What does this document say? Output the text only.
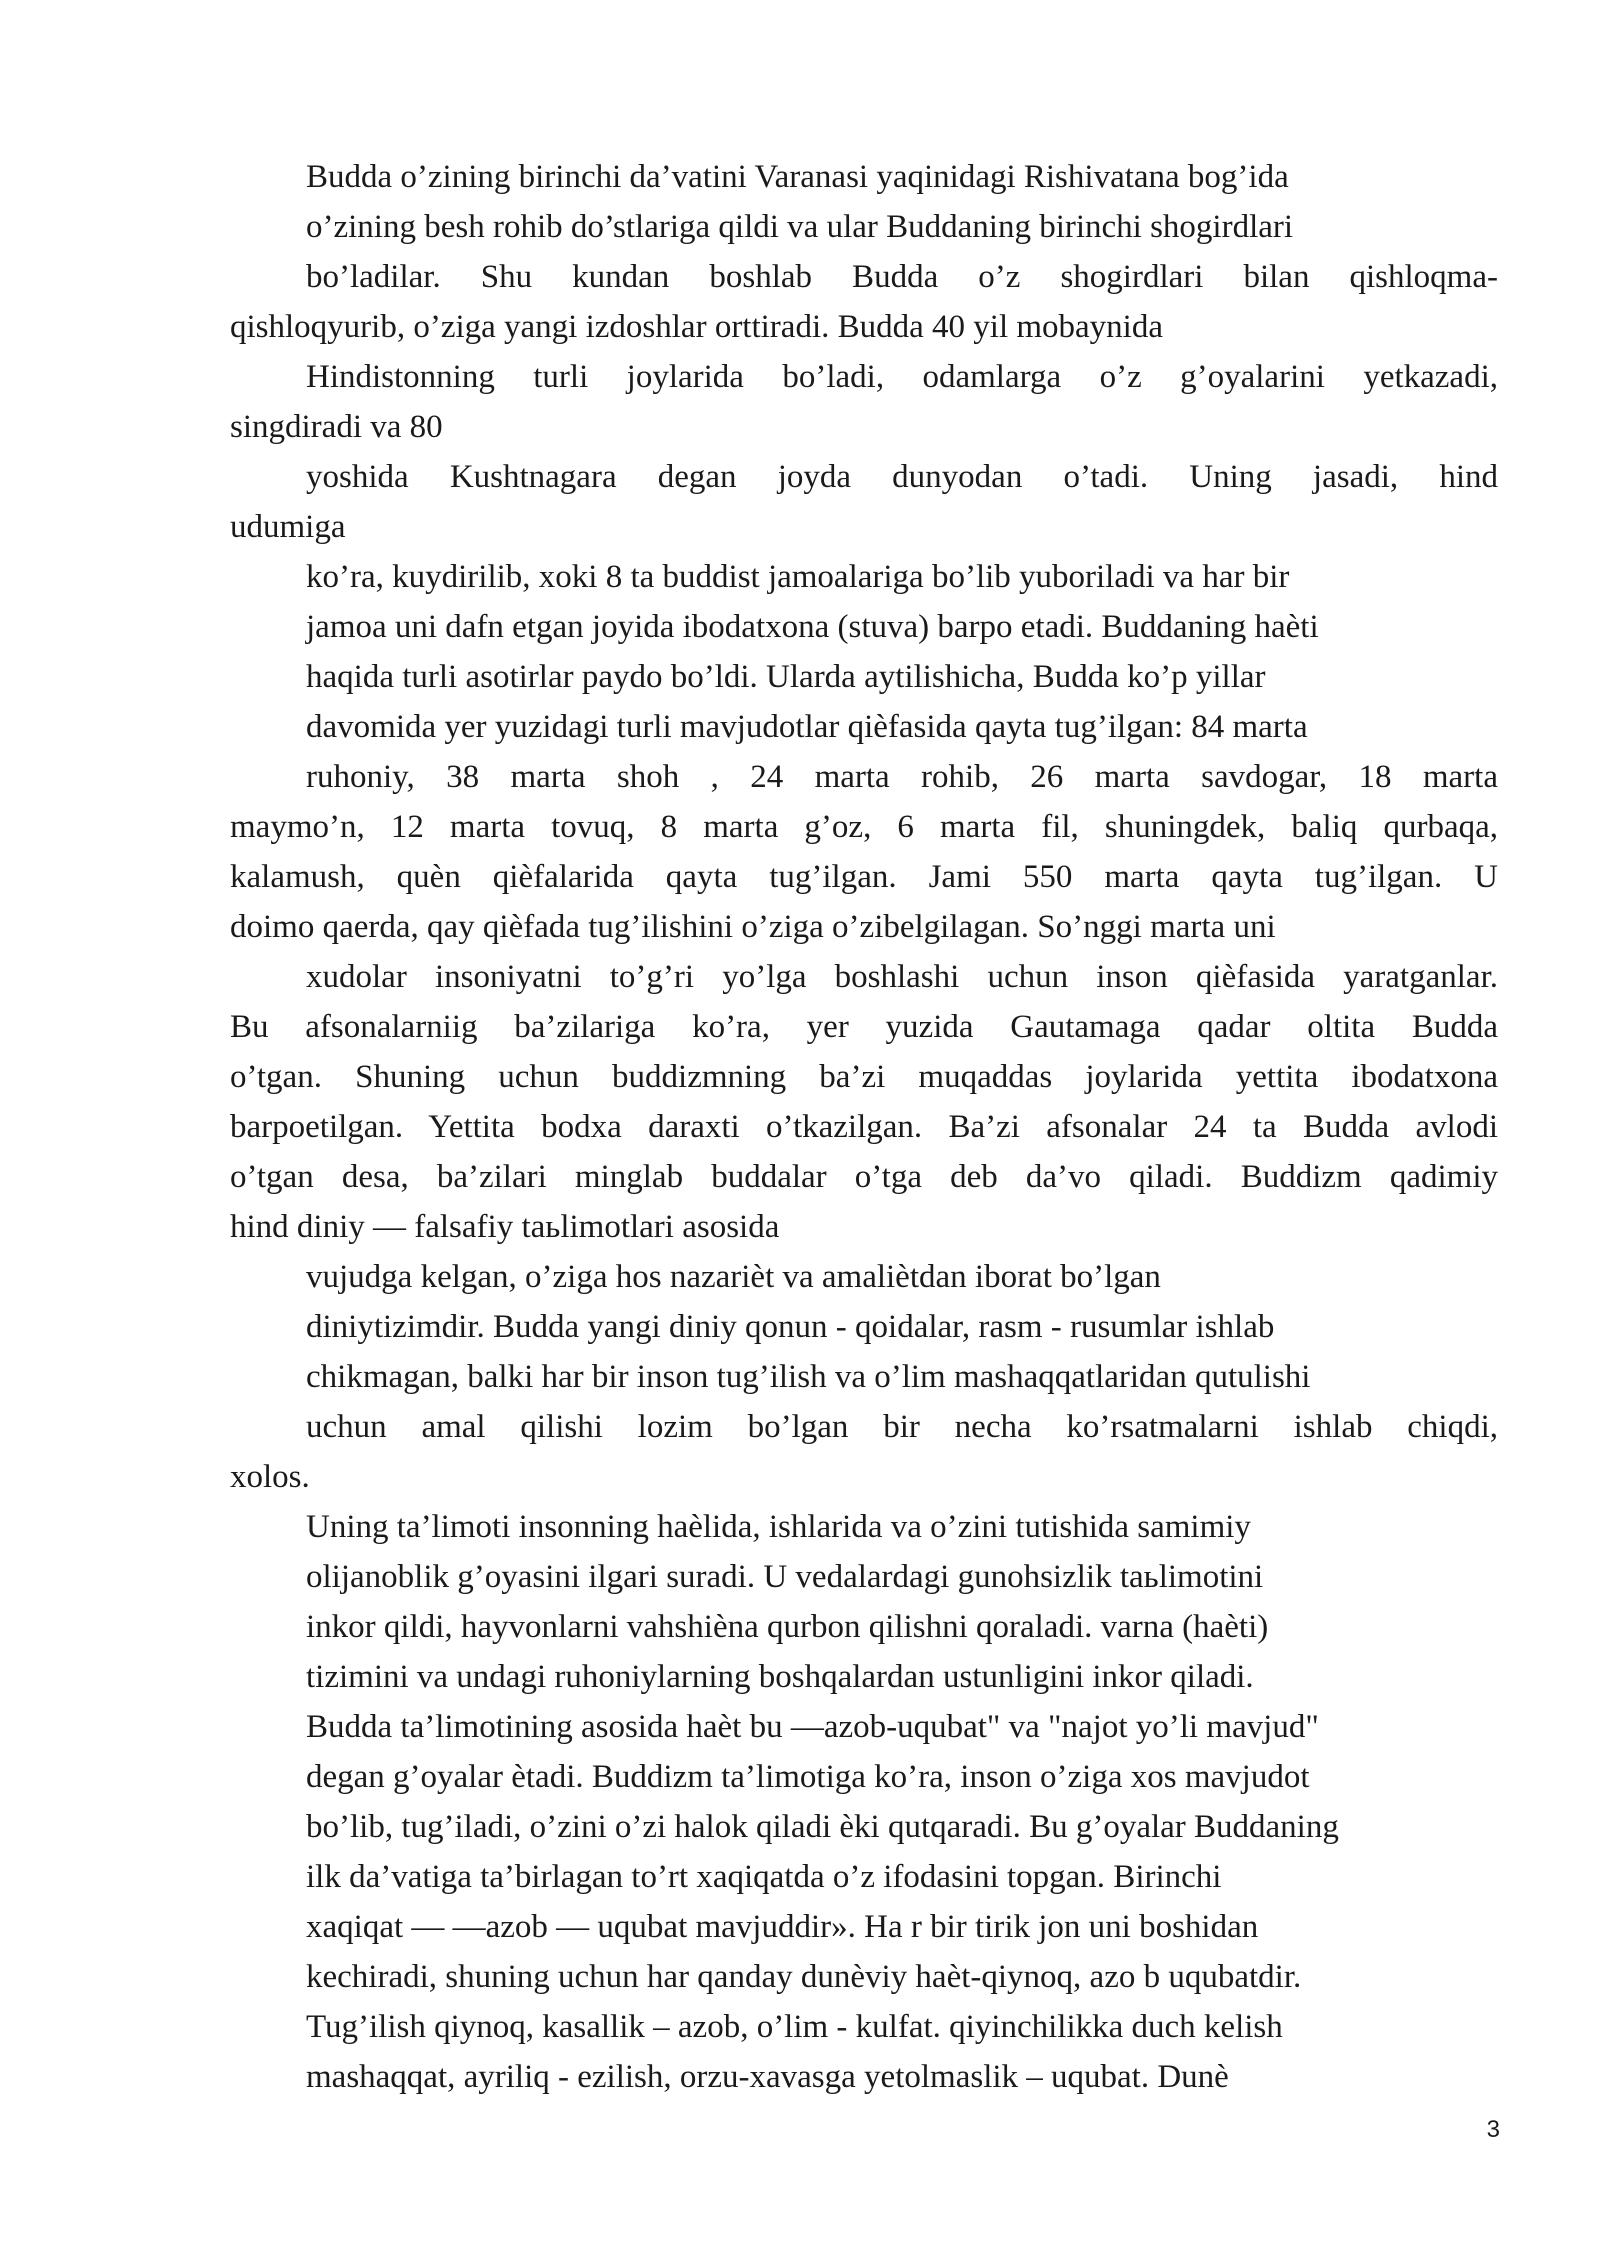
Budda o’zining birinchi da’vatini Varanasi yaqinidagi Rishivatana bog’ida
o’zining besh rohib do’stlariga qildi va ular Buddaning birinchi shogirdlari
bo’ladilar. Shu kundan boshlab Budda o’z shogirdlari bilan qishloqma-
qishloqyurib, o’ziga yangi izdoshlar orttiradi. Budda 40 yil mobaynida
Hindistonning turli joylarida bo’ladi, odamlarga o’z g’oyalarini yetkazadi,
singdiradi va 80
yoshida Kushtnagara degan joyda dunyodan o’tadi. Uning jasadi, hind
udumiga
ko’ra, kuydirilib, xoki 8 ta buddist jamoalariga bo’lib yuboriladi va har bir
jamoa uni dafn etgan joyida ibodatxona (stuva) barpo etadi. Buddaning haèti
haqida turli asotirlar paydo bo’ldi. Ularda aytilishicha, Budda ko’p yillar
davomida yer yuzidagi turli mavjudotlar qièfasida qayta tug’ilgan: 84 marta
ruhoniy, 38 marta shoh , 24 marta rohib, 26 marta savdogar, 18 marta
maymo’n, 12 marta tovuq, 8 marta g’oz, 6 marta fil, shuningdek, baliq qurbaqa,
kalamush, quèn qièfalarida qayta tug’ilgan. Jami 550 marta qayta tug’ilgan. U
doimo qaerda, qay qièfada tug’ilishini o’ziga o’zibelgilagan. So’nggi marta uni
xudolar insoniyatni to’g’ri yo’lga boshlashi uchun inson qièfasida yaratganlar.
Bu afsonalarniig ba’zilariga ko’ra, yer yuzida Gautamaga qadar oltita Budda
o’tgan. Shuning uchun buddizmning ba’zi muqaddas joylarida yettita ibodatxona
barpoetilgan. Yettita bodxa daraxti o’tkazilgan. Ba’zi afsonalar 24 ta Budda avlodi
o’tgan desa, ba’zilari minglab buddalar o’tga deb da’vo qiladi. Buddizm qadimiy
hind diniy — falsafiy taьlimotlari asosida
vujudga kelgan, o’ziga hos nazariѐt va amaliѐtdan iborat bo’lgan
diniytizimdir. Budda yangi diniy qonun - qoidalar, rasm - rusumlar ishlab
chikmagan, balki har bir inson tug’ilish va o’lim mashaqqatlaridan qutulishi
uchun amal qilishi lozim bo’lgan bir necha ko’rsatmalarni ishlab chiqdi,
xolos.
Uning ta’limoti insonning haèlida, ishlarida va o’zini tutishida samimiy
olijanoblik g’oyasini ilgari suradi. U vedalardagi gunohsizlik taьlimotini
inkor qildi, hayvonlarni vahshièna qurbon qilishni qoraladi. varna (haèti)
tizimini va undagi ruhoniylarning boshqalardan ustunligini inkor qiladi.
Budda ta’limotining asosida haèt bu —azob-uqubat" va "najot yo’li mavjud"
degan g’oyalar ètadi. Buddizm ta’limotiga ko’ra, inson o’ziga xos mavjudot
bo’lib, tug’iladi, o’zini o’zi halok qiladi èki qutqaradi. Bu g’oyalar Buddaning
ilk da’vatiga ta’birlagan to’rt xaqiqatda o’z ifodasini topgan. Birinchi
xaqiqat — —azob — uqubat mavjuddir». Ha r bir tirik jon uni boshidan
kechiradi, shuning uchun har qanday dunèviy haèt-qiynoq, azo b uqubatdir.
Tug’ilish qiynoq, kasallik – azob, o’lim - kulfat. qiyinchilikka duch kelish
mashaqqat, ayriliq - ezilish, orzu-xavasga yetolmaslik – uqubat. Dunè
3
